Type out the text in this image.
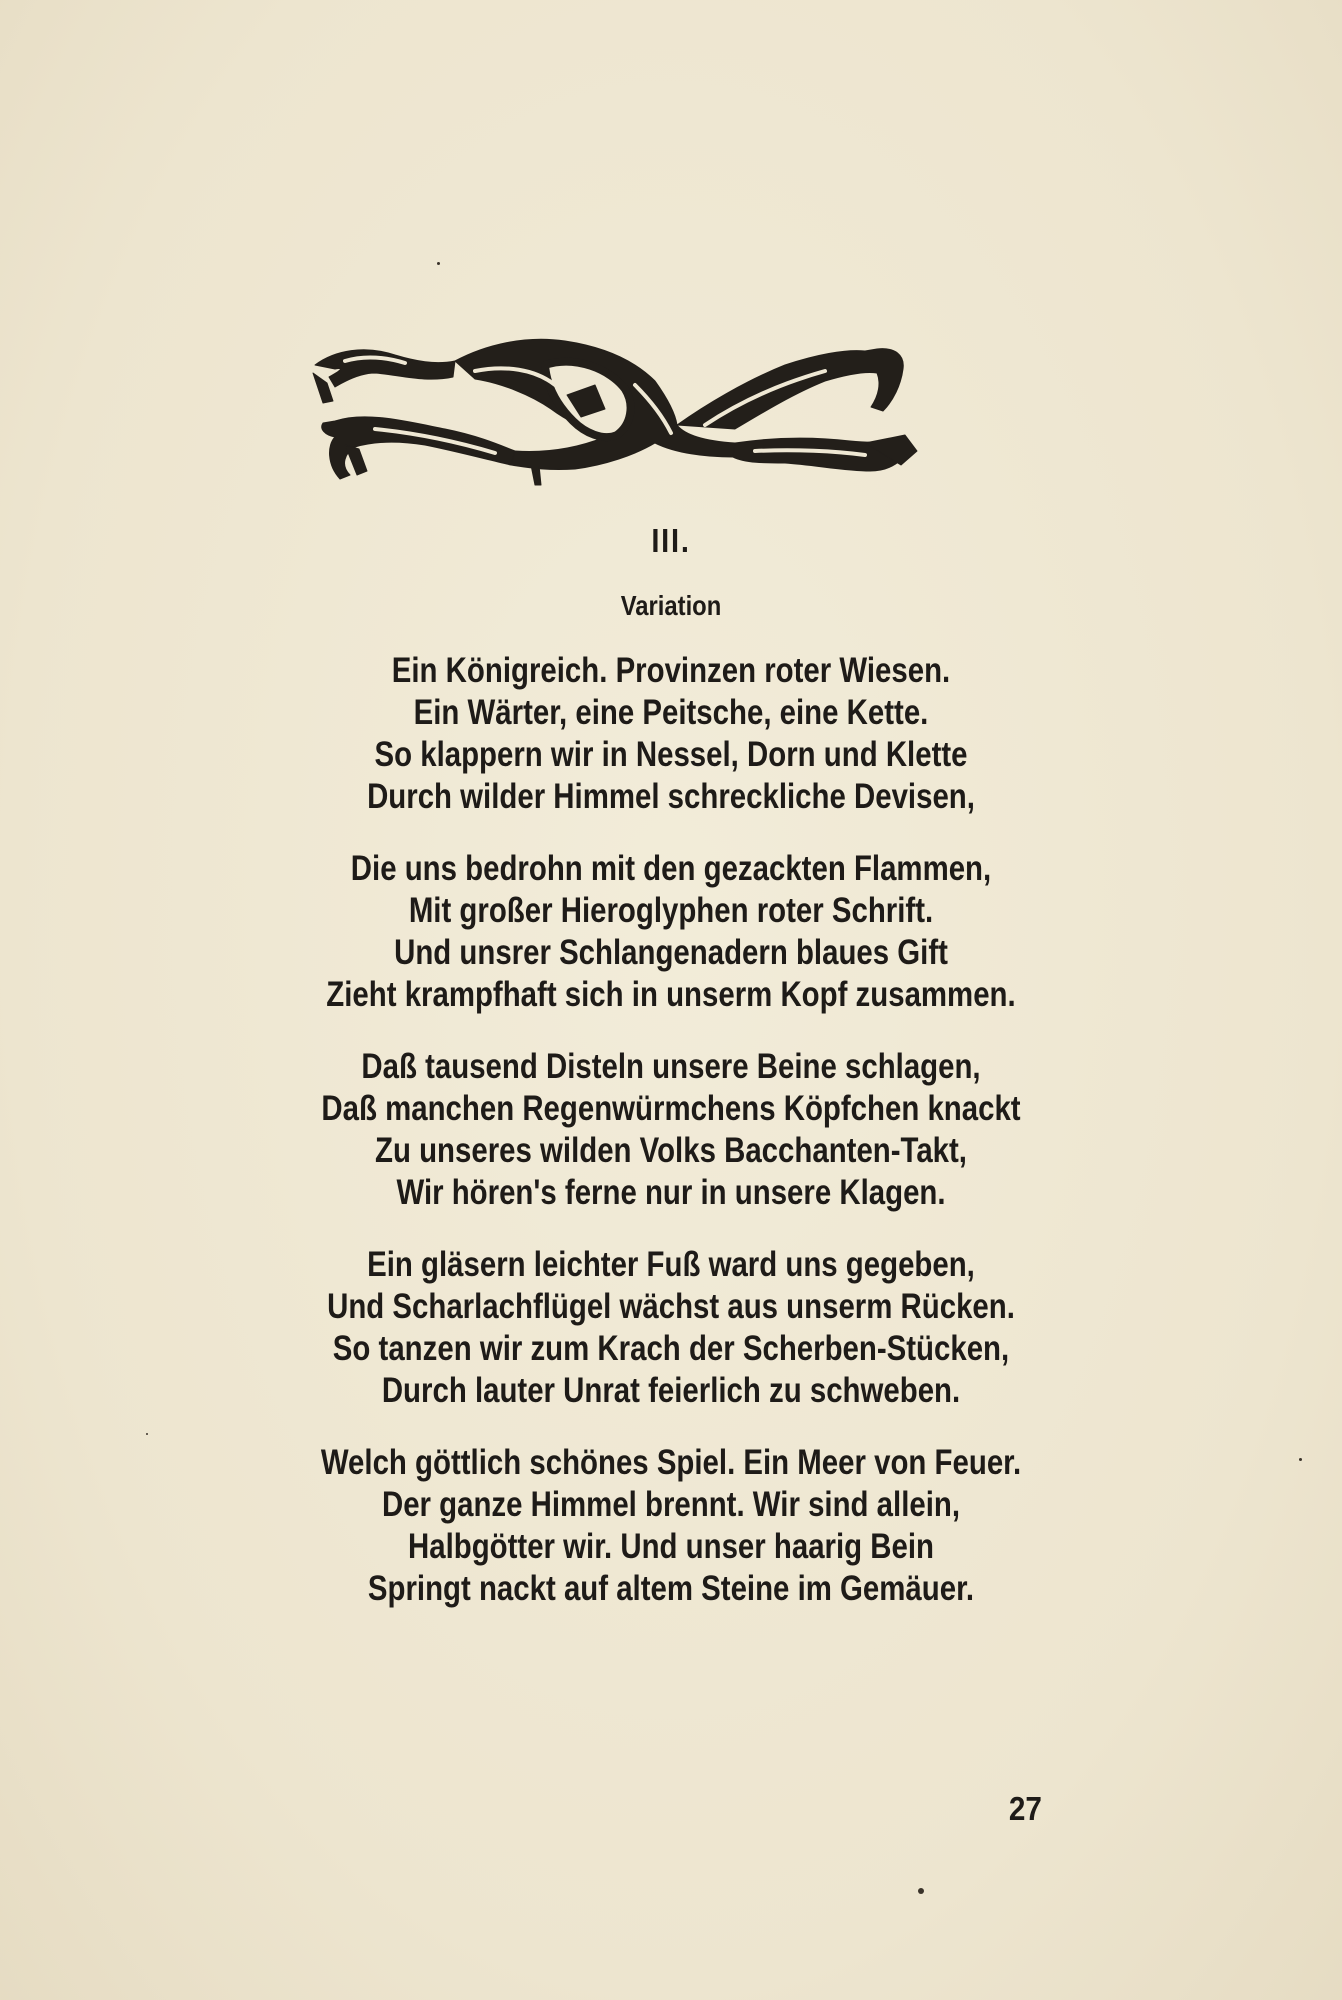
III.
Variation
Ein Königreich. Provinzen roter Wiesen.
Ein Wärter, eine Peitsche, eine Kette.
So klappern wir in Nessel, Dorn und Klette
Durch wilder Himmel schreckliche Devisen,
Die uns bedrohn mit den gezackten Flammen,
Mit großer Hieroglyphen roter Schrift.
Und unsrer Schlangenadern blaues Gift
Zieht krampfhaft sich in unserm Kopf zusammen.
Daß tausend Disteln unsere Beine schlagen,
Daß manchen Regenwürmchens Köpfchen knackt
Zu unseres wilden Volks Bacchanten-Takt,
Wir hören's ferne nur in unsere Klagen.
Ein gläsern leichter Fuß ward uns gegeben,
Und Scharlachflügel wächst aus unserm Rücken.
So tanzen wir zum Krach der Scherben-Stücken,
Durch lauter Unrat feierlich zu schweben.
Welch göttlich schönes Spiel. Ein Meer von Feuer.
Der ganze Himmel brennt. Wir sind allein,
Halbgötter wir. Und unser haarig Bein
Springt nackt auf altem Steine im Gemäuer.
27
